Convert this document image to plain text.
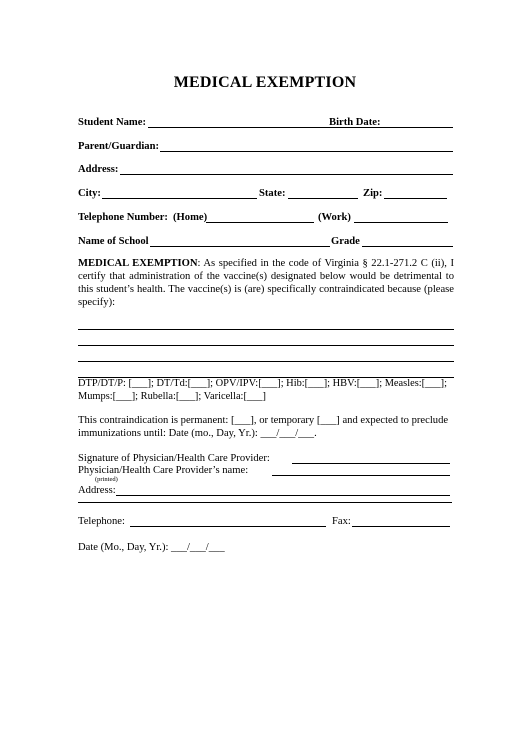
MEDICAL EXEMPTION
Student Name:	Birth Date:
Parent/Guardian:
Address:
City:	State:	Zip:
Telephone Number: (Home)	(Work)
Name of School	Grade
MEDICAL EXEMPTION: As specified in the code of Virginia § 22.1-271.2 C (ii), I certify that administration of the vaccine(s) designated below would be detrimental to this student’s health. The vaccine(s) is (are) specifically contraindicated because (please specify):
DTP/DT/P: [___]; DT/Td:[___]; OPV/IPV:[___]; Hib:[___]; HBV:[___]; Measles:[___];
Mumps:[___]; Rubella:[___]; Varicella:[___]
This contraindication is permanent: [___], or temporary [___] and expected to preclude immunizations until: Date (mo., Day, Yr.): ___/___/___.
Signature of Physician/Health Care Provider:
Physician/Health Care Provider’s name:
(printed)
Address:
Telephone:	Fax:
Date (Mo., Day, Yr.): ___/___/___
